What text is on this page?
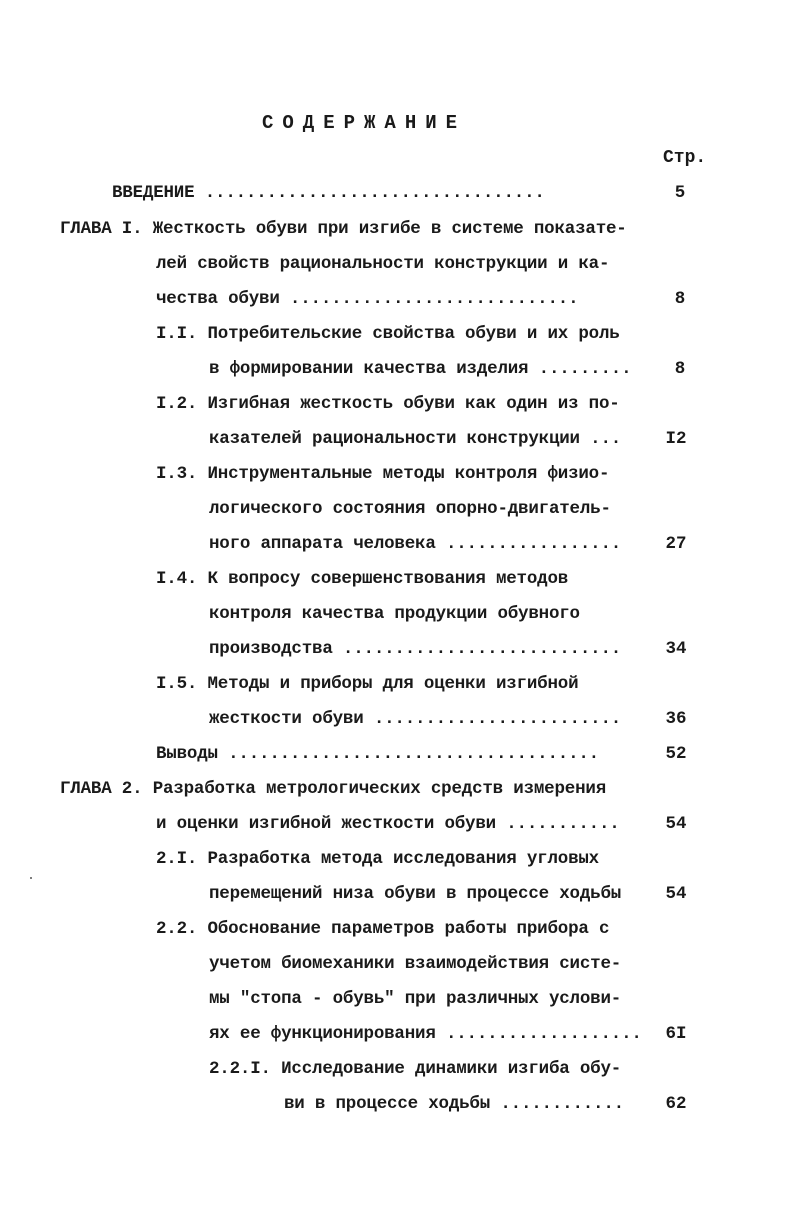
СОДЕРЖАНИЕ
Стр.
ВВЕДЕНИЕ .................................	5
ГЛАВА I. Жесткость обуви при изгибе в системе показате-
лей свойств рациональности конструкции и ка-
чества обуви ............................	8
I.I. Потребительские свойства обуви и их роль
в формировании качества изделия .........	8
I.2. Изгибная жесткость обуви как один из по-
казателей рациональности конструкции ...	I2
I.3. Инструментальные методы контроля физио-
логического состояния опорно-двигатель-
ного аппарата человека .................	27
I.4. К вопросу совершенствования методов
контроля качества продукции обувного
производства ...........................	34
I.5. Методы и приборы для оценки изгибной
жесткости обуви ........................	36
Выводы ....................................	52
ГЛАВА 2. Разработка метрологических средств измерения
и оценки изгибной жесткости обуви ...........	54
2.I. Разработка метода исследования угловых
перемещений низа обуви в процессе ходьбы	54
2.2. Обоснование параметров работы прибора с
учетом биомеханики взаимодействия систе-
мы "стопа - обувь" при различных услови-
ях ее функционирования ...................	6I
2.2.I. Исследование динамики изгиба обу-
ви в процессе ходьбы ............	62
